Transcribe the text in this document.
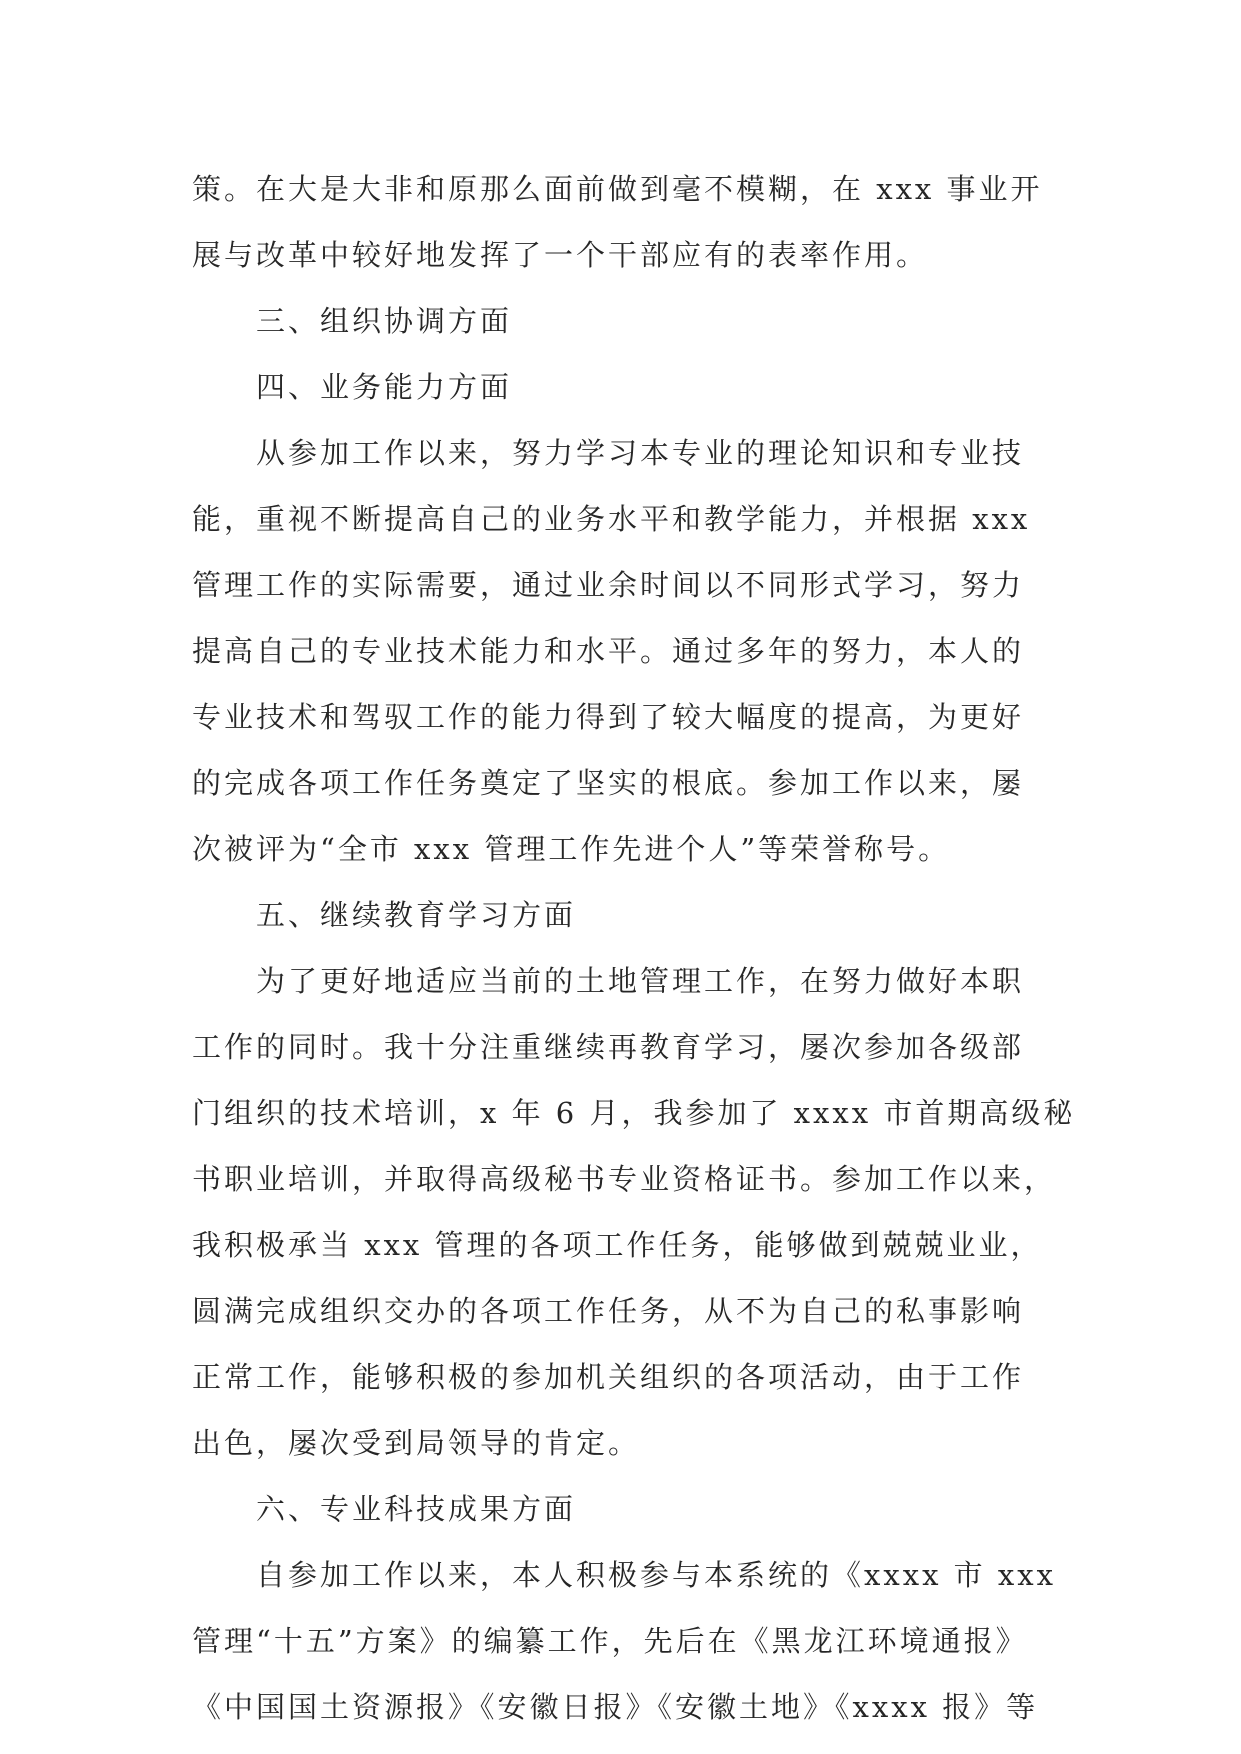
策。在大是大非和原那么面前做到毫不模糊，在 xxx 事业开
展与改革中较好地发挥了一个干部应有的表率作用。
三、组织协调方面
四、业务能力方面
从参加工作以来，努力学习本专业的理论知识和专业技
能，重视不断提高自己的业务水平和教学能力，并根据 xxx
管理工作的实际需要，通过业余时间以不同形式学习，努力
提高自己的专业技术能力和水平。通过多年的努力，本人的
专业技术和驾驭工作的能力得到了较大幅度的提高，为更好
的完成各项工作任务奠定了坚实的根底。参加工作以来，屡
次被评为“全市 xxx 管理工作先进个人”等荣誉称号。
五、继续教育学习方面
为了更好地适应当前的土地管理工作，在努力做好本职
工作的同时。我十分注重继续再教育学习，屡次参加各级部
门组织的技术培训，x 年 6 月，我参加了 xxxx 市首期高级秘
书职业培训，并取得高级秘书专业资格证书。参加工作以来，
我积极承当 xxx 管理的各项工作任务，能够做到兢兢业业，
圆满完成组织交办的各项工作任务，从不为自己的私事影响
正常工作，能够积极的参加机关组织的各项活动，由于工作
出色，屡次受到局领导的肯定。
六、专业科技成果方面
自参加工作以来，本人积极参与本系统的《xxxx 市 xxx
管理“十五”方案》的编纂工作，先后在《黑龙江环境通报》
《中国国土资源报》《安徽日报》《安徽土地》《xxxx 报》等
